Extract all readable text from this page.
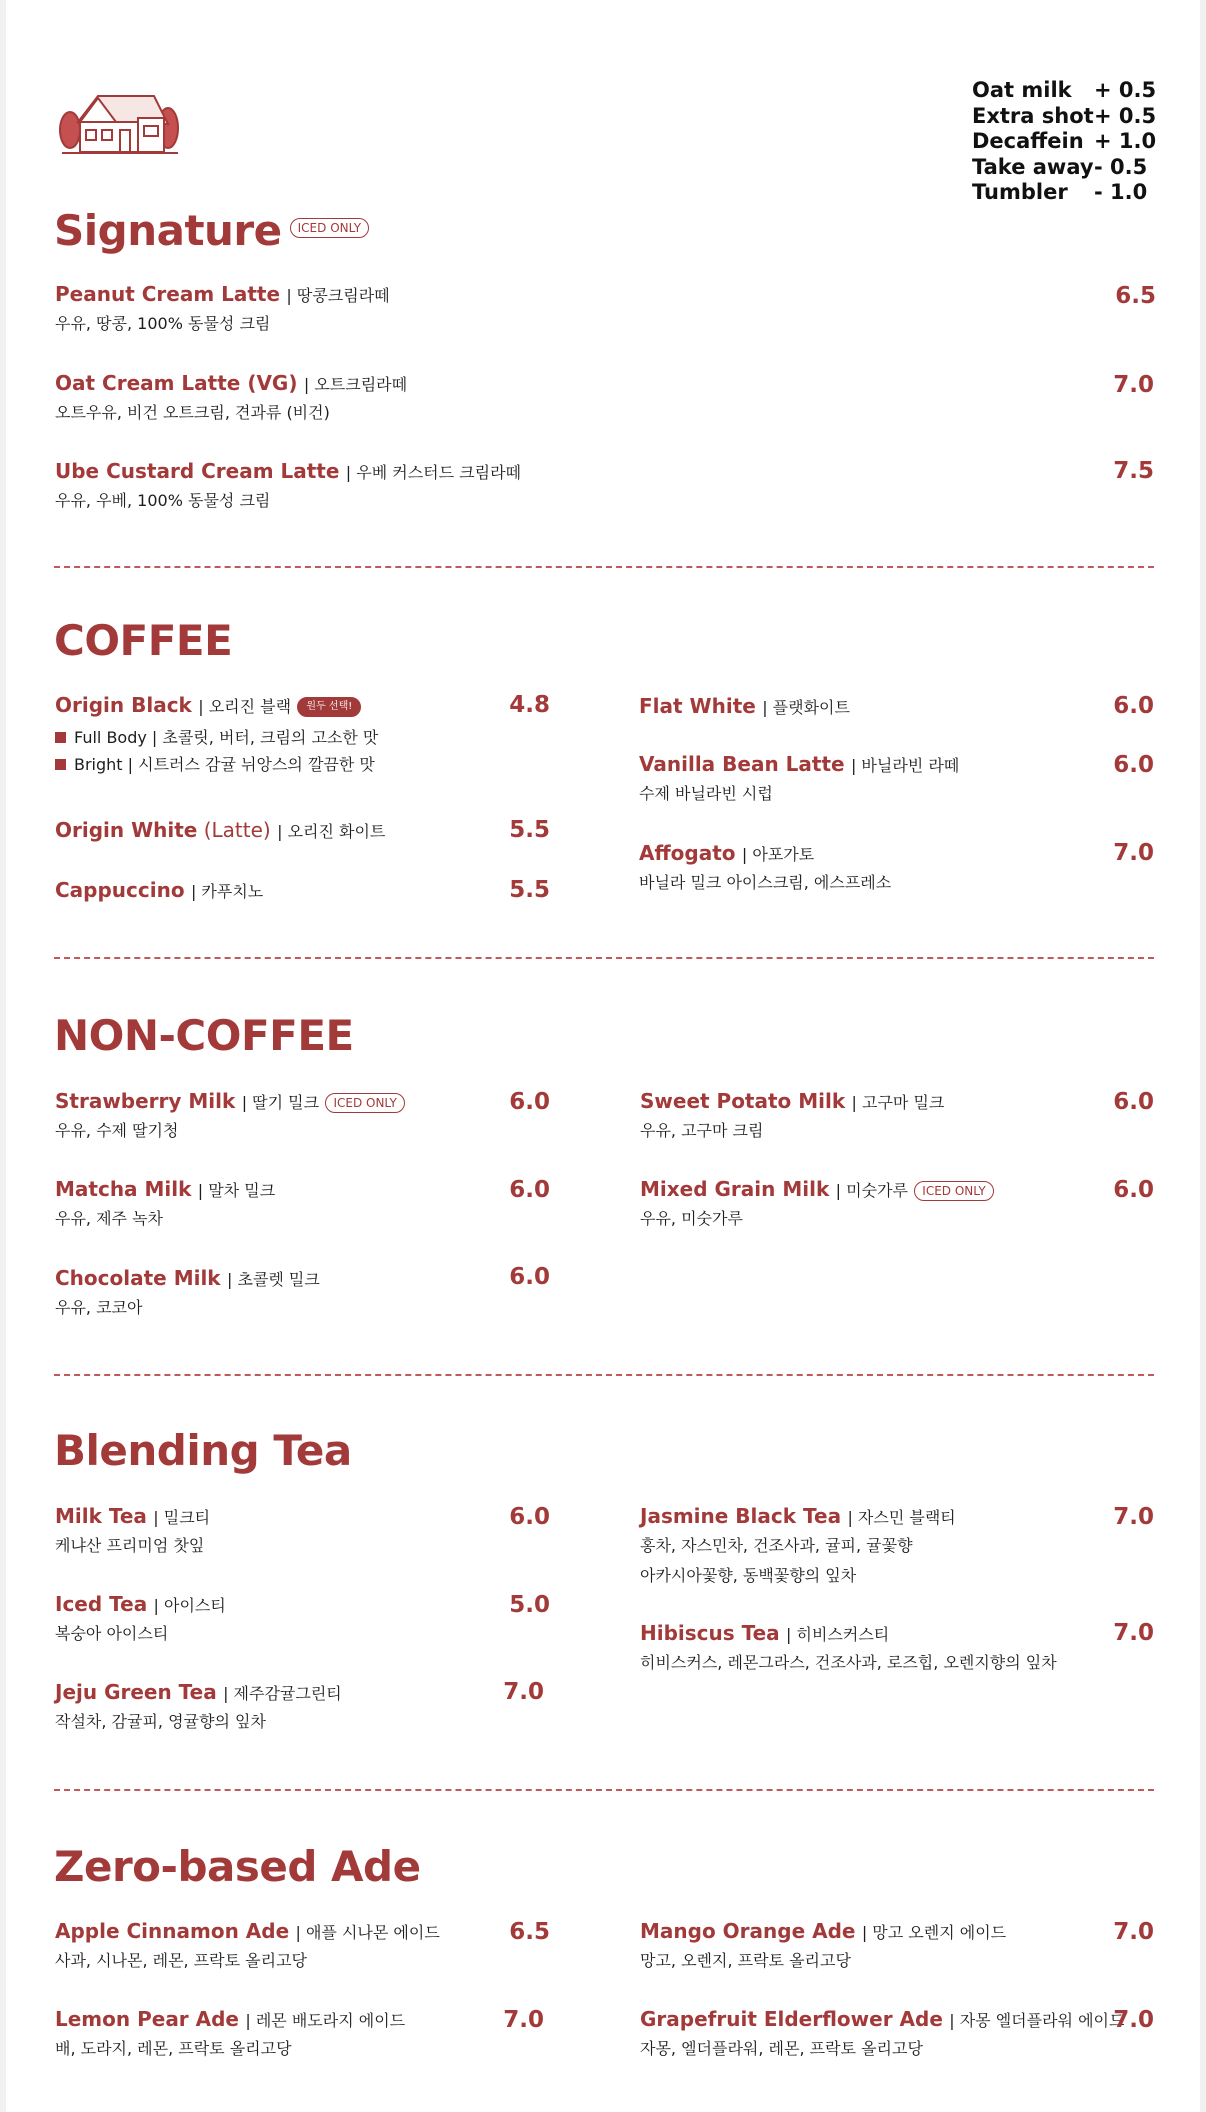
Oat milk	+ 0.5
Extra shot + 0.5
Decaffein + 1.0
Take away - 0.5
Tumbler	- 1.0
Signature ICED ONLY
Peanut Cream Latte | 땅콩크림라떼
우유, 땅콩, 100% 동물성 크림
6.5
Oat Cream Latte (VG) | 오트크림라떼
오트우유, 비건 오트크림, 견과류 (비건)
7.0
Ube Custard Cream Latte | 우베 커스터드 크림라떼
우유, 우베, 100% 동물성 크림
7.5
COFFEE
Origin Black | 오리진 블랙 원두 선택!
Full Body | 초콜릿, 버터, 크림의 고소한 맛
Bright | 시트러스 감귤 뉘앙스의 깔끔한 맛
4.8
Origin White (Latte) | 오리진 화이트	5.5
Cappuccino | 카푸치노	5.5
Flat White | 플랫화이트	6.0
Vanilla Bean Latte | 바닐라빈 라떼
수제 바닐라빈 시럽
6.0
Affogato | 아포가토
바닐라 밀크 아이스크림, 에스프레소
7.0
NON-COFFEE
Strawberry Milk | 딸기 밀크 ICED ONLY
우유, 수제 딸기청
6.0
Matcha Milk | 말차 밀크
우유, 제주 녹차
6.0
Chocolate Milk | 초콜렛 밀크
우유, 코코아
6.0
Sweet Potato Milk | 고구마 밀크
우유, 고구마 크림
6.0
Mixed Grain Milk | 미숫가루 ICED ONLY
우유, 미숫가루
6.0
Blending Tea
Milk Tea | 밀크티
케냐산 프리미엄 찻잎
6.0
Iced Tea | 아이스티
복숭아 아이스티
5.0
Jeju Green Tea | 제주감귤그린티
작설차, 감귤피, 영귤향의 잎차
7.0
Jasmine Black Tea | 자스민 블랙티
홍차, 자스민차, 건조사과, 귤피, 귤꽃향
아카시아꽃향, 동백꽃향의 잎차
7.0
Hibiscus Tea | 히비스커스티
히비스커스, 레몬그라스, 건조사과, 로즈힙, 오렌지향의 잎차
7.0
Zero-based Ade
Apple Cinnamon Ade | 애플 시나몬 에이드
사과, 시나몬, 레몬, 프락토 올리고당
6.5
Lemon Pear Ade | 레몬 배도라지 에이드
배, 도라지, 레몬, 프락토 올리고당
7.0
Mango Orange Ade | 망고 오렌지 에이드
망고, 오렌지, 프락토 올리고당
7.0
Grapefruit Elderflower Ade | 자몽 엘더플라워 에이드
자몽, 엘더플라워, 레몬, 프락토 올리고당
7.0
